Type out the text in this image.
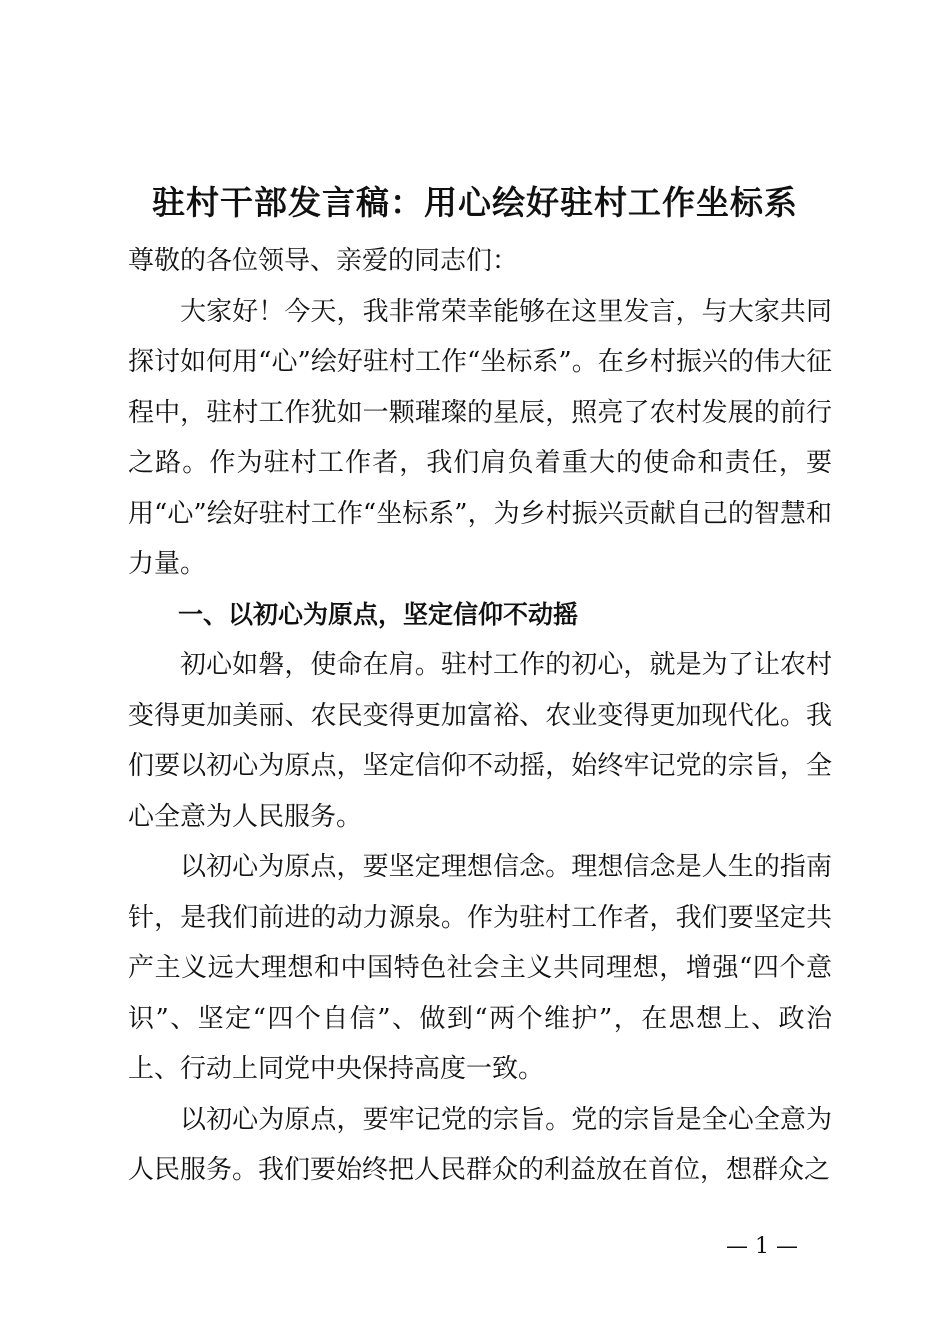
驻村干部发言稿：用心绘好驻村工作坐标系

尊敬的各位领导、亲爱的同志们：

大家好！今天，我非常荣幸能够在这里发言，与大家共同探讨如何用“心”绘好驻村工作“坐标系”。在乡村振兴的伟大征程中，驻村工作犹如一颗璀璨的星辰，照亮了农村发展的前行之路。作为驻村工作者，我们肩负着重大的使命和责任，要用“心”绘好驻村工作“坐标系”，为乡村振兴贡献自己的智慧和力量。

一、以初心为原点，坚定信仰不动摇

初心如磐，使命在肩。驻村工作的初心，就是为了让农村变得更加美丽、农民变得更加富裕、农业变得更加现代化。我们要以初心为原点，坚定信仰不动摇，始终牢记党的宗旨，全心全意为人民服务。

以初心为原点，要坚定理想信念。理想信念是人生的指南针，是我们前进的动力源泉。作为驻村工作者，我们要坚定共产主义远大理想和中国特色社会主义共同理想，增强“四个意识”、坚定“四个自信”、做到“两个维护”，在思想上、政治上、行动上同党中央保持高度一致。

以初心为原点，要牢记党的宗旨。党的宗旨是全心全意为人民服务。我们要始终把人民群众的利益放在首位，想群众之

— 1 —
